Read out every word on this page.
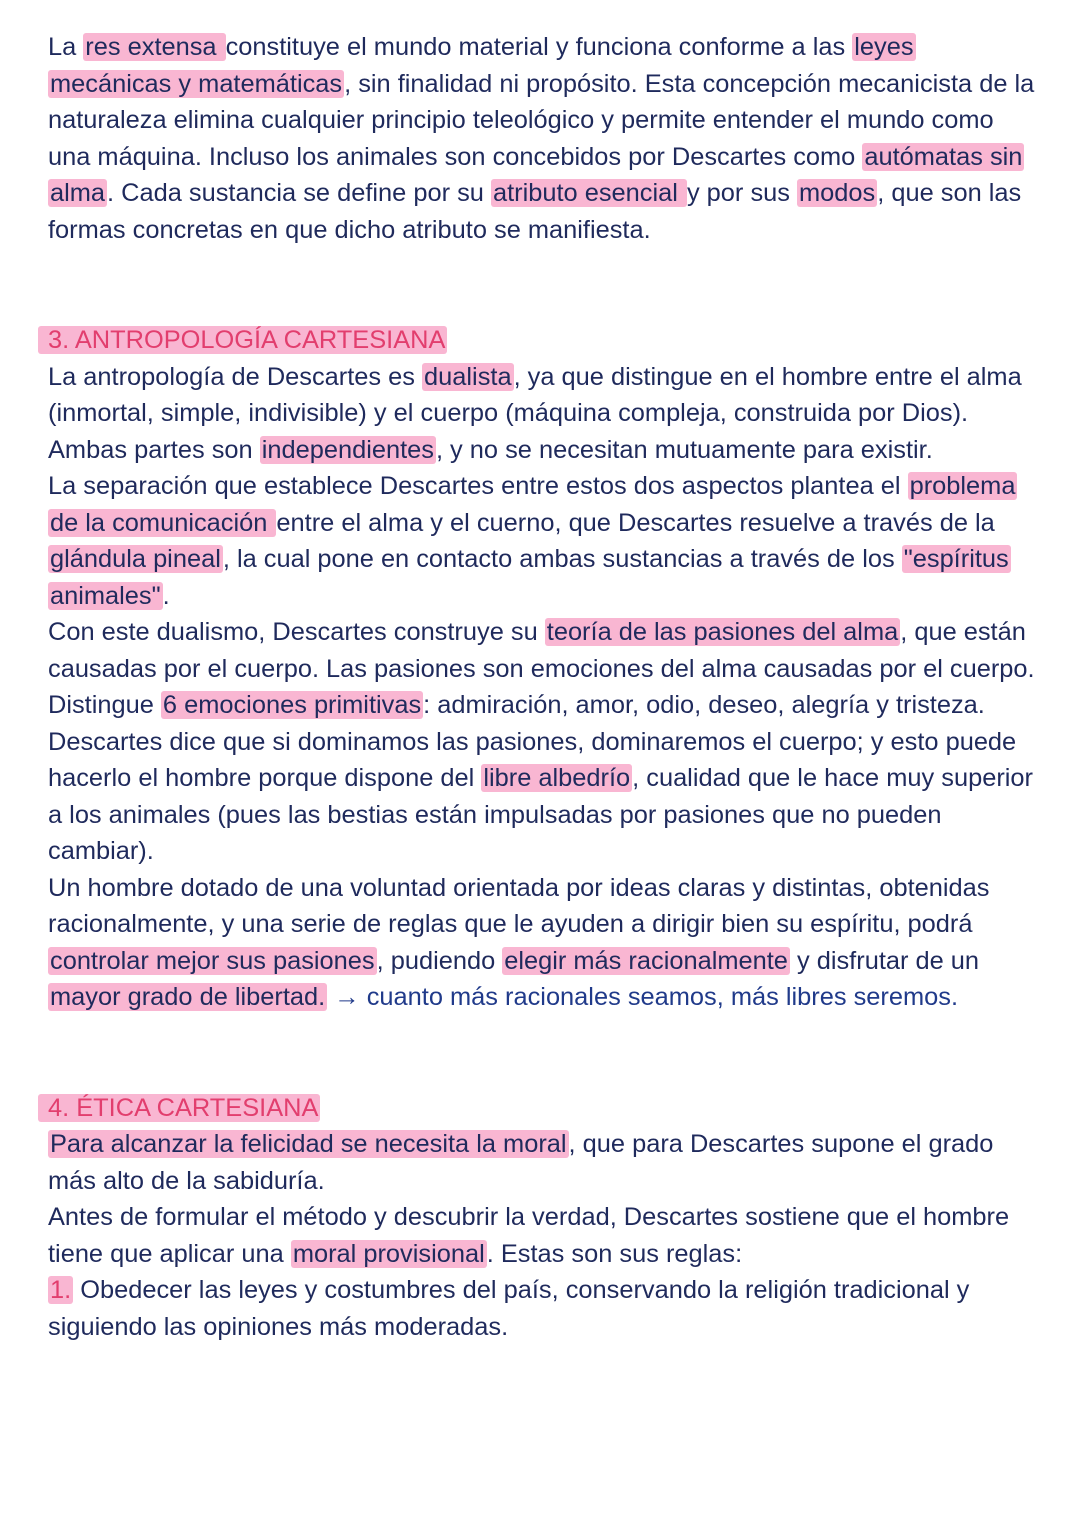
La res extensa constituye el mundo material y funciona conforme a las leyes mecánicas y matemáticas, sin finalidad ni propósito. Esta concepción mecanicista de la naturaleza elimina cualquier principio teleológico y permite entender el mundo como una máquina. Incluso los animales son concebidos por Descartes como autómatas sin alma. Cada sustancia se define por su atributo esencial y por sus modos, que son las formas concretas en que dicho atributo se manifiesta.

3. ANTROPOLOGÍA CARTESIANA

La antropología de Descartes es dualista, ya que distingue en el hombre entre el alma (inmortal, simple, indivisible) y el cuerpo (máquina compleja, construida por Dios). Ambas partes son independientes, y no se necesitan mutuamente para existir.

La separación que establece Descartes entre estos dos aspectos plantea el problema de la comunicación entre el alma y el cuerno, que Descartes resuelve a través de la glándula pineal, la cual pone en contacto ambas sustancias a través de los "espíritus animales".

Con este dualismo, Descartes construye su teoría de las pasiones del alma, que están causadas por el cuerpo. Las pasiones son emociones del alma causadas por el cuerpo. Distingue 6 emociones primitivas: admiración, amor, odio, deseo, alegría y tristeza.

Descartes dice que si dominamos las pasiones, dominaremos el cuerpo; y esto puede hacerlo el hombre porque dispone del libre albedrío, cualidad que le hace muy superior a los animales (pues las bestias están impulsadas por pasiones que no pueden cambiar).

Un hombre dotado de una voluntad orientada por ideas claras y distintas, obtenidas racionalmente, y una serie de reglas que le ayuden a dirigir bien su espíritu, podrá controlar mejor sus pasiones, pudiendo elegir más racionalmente y disfrutar de un mayor grado de libertad. → cuanto más racionales seamos, más libres seremos.

4. ÉTICA CARTESIANA

Para alcanzar la felicidad se necesita la moral, que para Descartes supone el grado más alto de la sabiduría.

Antes de formular el método y descubrir la verdad, Descartes sostiene que el hombre tiene que aplicar una moral provisional. Estas son sus reglas:

1. Obedecer las leyes y costumbres del país, conservando la religión tradicional y siguiendo las opiniones más moderadas.
